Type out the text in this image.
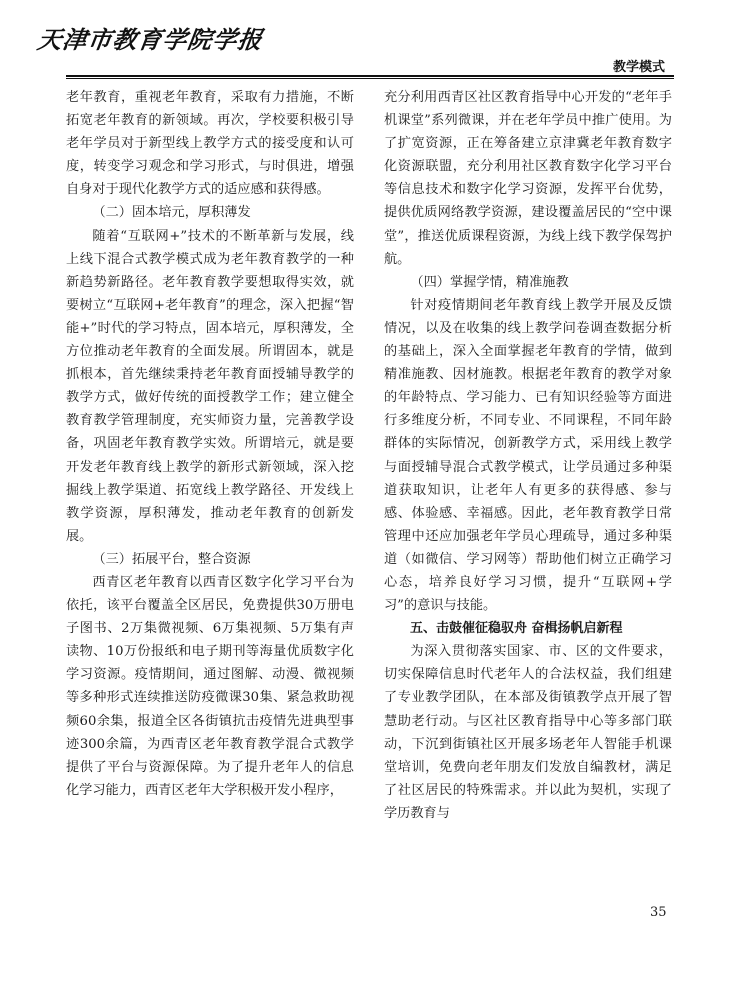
天津市教育学院学报
教学模式

老年教育，重视老年教育，采取有力措施，不断拓宽老年教育的新领域。再次，学校要积极引导老年学员对于新型线上教学方式的接受度和认可度，转变学习观念和学习形式，与时俱进，增强自身对于现代化教学方式的适应感和获得感。

（二）固本培元，厚积薄发

随着“互联网+”技术的不断革新与发展，线上线下混合式教学模式成为老年教育教学的一种新趋势新路径。老年教育教学要想取得实效，就要树立“互联网+老年教育”的理念，深入把握“智能+”时代的学习特点，固本培元，厚积薄发，全方位推动老年教育的全面发展。所谓固本，就是抓根本，首先继续秉持老年教育面授辅导教学的教学方式，做好传统的面授教学工作；建立健全教育教学管理制度，充实师资力量，完善教学设备，巩固老年教育教学实效。所谓培元，就是要开发老年教育线上教学的新形式新领域，深入挖掘线上教学渠道、拓宽线上教学路径、开发线上教学资源，厚积薄发，推动老年教育的创新发展。

（三）拓展平台，整合资源

西青区老年教育以西青区数字化学习平台为依托，该平台覆盖全区居民，免费提供30万册电子图书、2万集微视频、6万集视频、5万集有声读物、10万份报纸和电子期刊等海量优质数字化学习资源。疫情期间，通过图解、动漫、微视频等多种形式连续推送防疫微课30集、紧急救助视频60余集，报道全区各街镇抗击疫情先进典型事迹300余篇，为西青区老年教育教学混合式教学提供了平台与资源保障。为了提升老年人的信息化学习能力，西青区老年大学积极开发小程序，

充分利用西青区社区教育指导中心开发的“老年手机课堂”系列微课，并在老年学员中推广使用。为了扩宽资源，正在筹备建立京津冀老年教育数字化资源联盟，充分利用社区教育数字化学习平台等信息技术和数字化学习资源，发挥平台优势，提供优质网络教学资源，建设覆盖居民的“空中课堂”，推送优质课程资源，为线上线下教学保驾护航。

（四）掌握学情，精准施教

针对疫情期间老年教育线上教学开展及反馈情况，以及在收集的线上教学问卷调查数据分析的基础上，深入全面掌握老年教育的学情，做到精准施教、因材施教。根据老年教育的教学对象的年龄特点、学习能力、已有知识经验等方面进行多维度分析，不同专业、不同课程，不同年龄群体的实际情况，创新教学方式，采用线上教学与面授辅导混合式教学模式，让学员通过多种渠道获取知识，让老年人有更多的获得感、参与感、体验感、幸福感。因此，老年教育教学日常管理中还应加强老年学员心理疏导，通过多种渠道（如微信、学习网等）帮助他们树立正确学习心态，培养良好学习习惯，提升“互联网+学习”的意识与技能。

五、击鼓催征稳驭舟 奋楫扬帆启新程

为深入贯彻落实国家、市、区的文件要求，切实保障信息时代老年人的合法权益，我们组建了专业教学团队，在本部及街镇教学点开展了智慧助老行动。与区社区教育指导中心等多部门联动，下沉到街镇社区开展多场老年人智能手机课堂培训，免费向老年朋友们发放自编教材，满足了社区居民的特殊需求。并以此为契机，实现了学历教育与

35
